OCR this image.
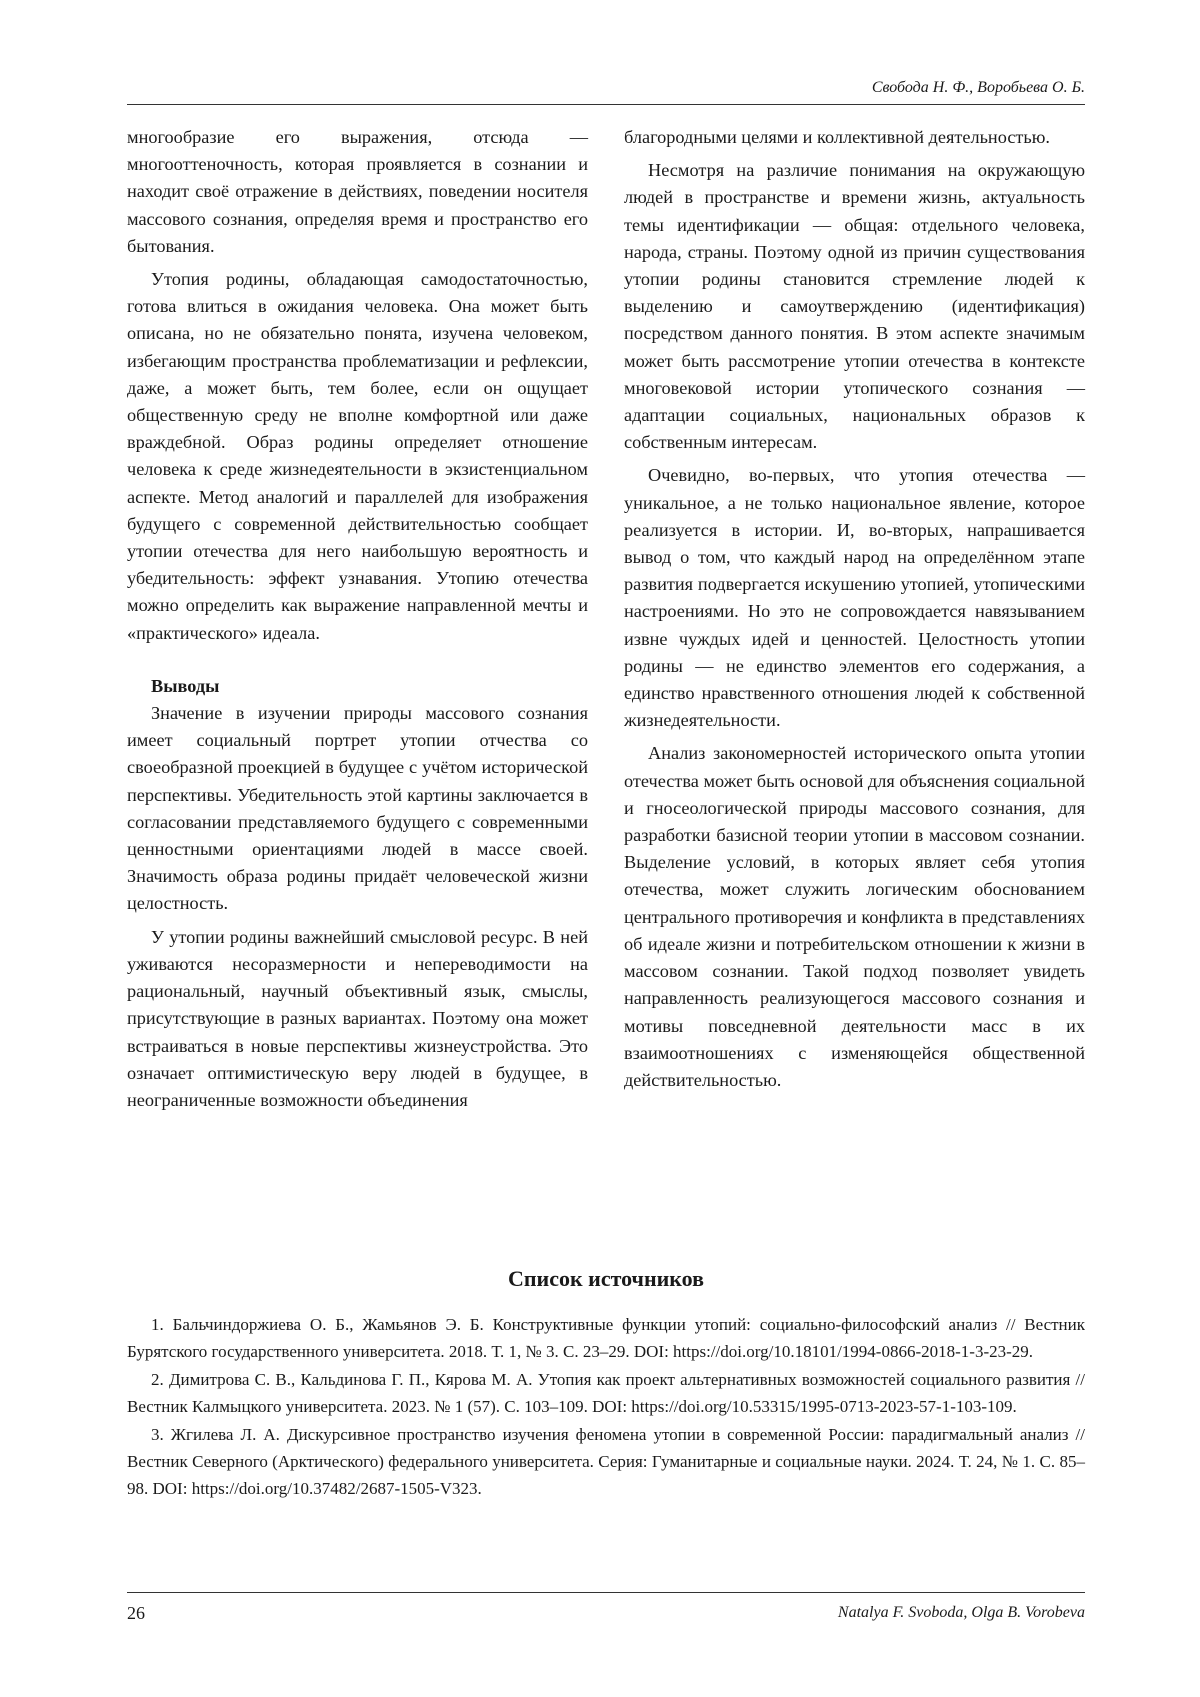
Свобода Н. Ф., Воробьева О. Б.

многообразие его выражения, отсюда — многооттеночность, которая проявляется в сознании и находит своё отражение в действиях, поведении носителя массового сознания, определяя время и пространство его бытования.

Утопия родины, обладающая самодостаточностью, готова влиться в ожидания человека. Она может быть описана, но не обязательно понята, изучена человеком, избегающим пространства проблематизации и рефлексии, даже, а может быть, тем более, если он ощущает общественную среду не вполне комфортной или даже враждебной. Образ родины определяет отношение человека к среде жизнедеятельности в экзистенциальном аспекте. Метод аналогий и параллелей для изображения будущего с современной действительностью сообщает утопии отечества для него наибольшую вероятность и убедительность: эффект узнавания. Утопию отечества можно определить как выражение направленной мечты и «практического» идеала.

Выводы

Значение в изучении природы массового сознания имеет социальный портрет утопии отчества со своеобразной проекцией в будущее с учётом исторической перспективы. Убедительность этой картины заключается в согласовании представляемого будущего с современными ценностными ориентациями людей в массе своей. Значимость образа родины придаёт человеческой жизни целостность.

У утопии родины важнейший смысловой ресурс. В ней уживаются несоразмерности и непереводимости на рациональный, научный объективный язык, смыслы, присутствующие в разных вариантах. Поэтому она может встраиваться в новые перспективы жизнеустройства. Это означает оптимистическую веру людей в будущее, в неограниченные возможности объединения

благородными целями и коллективной деятельностью.

Несмотря на различие понимания на окружающую людей в пространстве и времени жизнь, актуальность темы идентификации — общая: отдельного человека, народа, страны. Поэтому одной из причин существования утопии родины становится стремление людей к выделению и самоутверждению (идентификация) посредством данного понятия. В этом аспекте значимым может быть рассмотрение утопии отечества в контексте многовековой истории утопического сознания — адаптации социальных, национальных образов к собственным интересам.

Очевидно, во-первых, что утопия отечества — уникальное, а не только национальное явление, которое реализуется в истории. И, во-вторых, напрашивается вывод о том, что каждый народ на определённом этапе развития подвергается искушению утопией, утопическими настроениями. Но это не сопровождается навязыванием извне чуждых идей и ценностей. Целостность утопии родины — не единство элементов его содержания, а единство нравственного отношения людей к собственной жизнедеятельности.

Анализ закономерностей исторического опыта утопии отечества может быть основой для объяснения социальной и гносеологической природы массового сознания, для разработки базисной теории утопии в массовом сознании. Выделение условий, в которых являет себя утопия отечества, может служить логическим обоснованием центрального противоречия и конфликта в представлениях об идеале жизни и потребительском отношении к жизни в массовом сознании. Такой подход позволяет увидеть направленность реализующегося массового сознания и мотивы повседневной деятельности масс в их взаимоотношениях с изменяющейся общественной действительностью.

Список источников

1. Бальчиндоржиева О. Б., Жамьянов Э. Б. Конструктивные функции утопий: социально-философский анализ // Вестник Бурятского государственного университета. 2018. Т. 1, № 3. С. 23–29. DOI: https://doi.org/10.18101/1994-0866-2018-1-3-23-29.

2. Димитрова С. В., Кальдинова Г. П., Кярова М. А. Утопия как проект альтернативных возможностей социального развития // Вестник Калмыцкого университета. 2023. № 1 (57). С. 103–109. DOI: https://doi.org/10.53315/1995-0713-2023-57-1-103-109.

3. Жгилева Л. А. Дискурсивное пространство изучения феномена утопии в современной России: парадигмальный анализ // Вестник Северного (Арктического) федерального университета. Серия: Гуманитарные и социальные науки. 2024. Т. 24, № 1. С. 85–98. DOI: https://doi.org/10.37482/2687-1505-V323.

26	Natalya F. Svoboda, Olga B. Vorobeva
